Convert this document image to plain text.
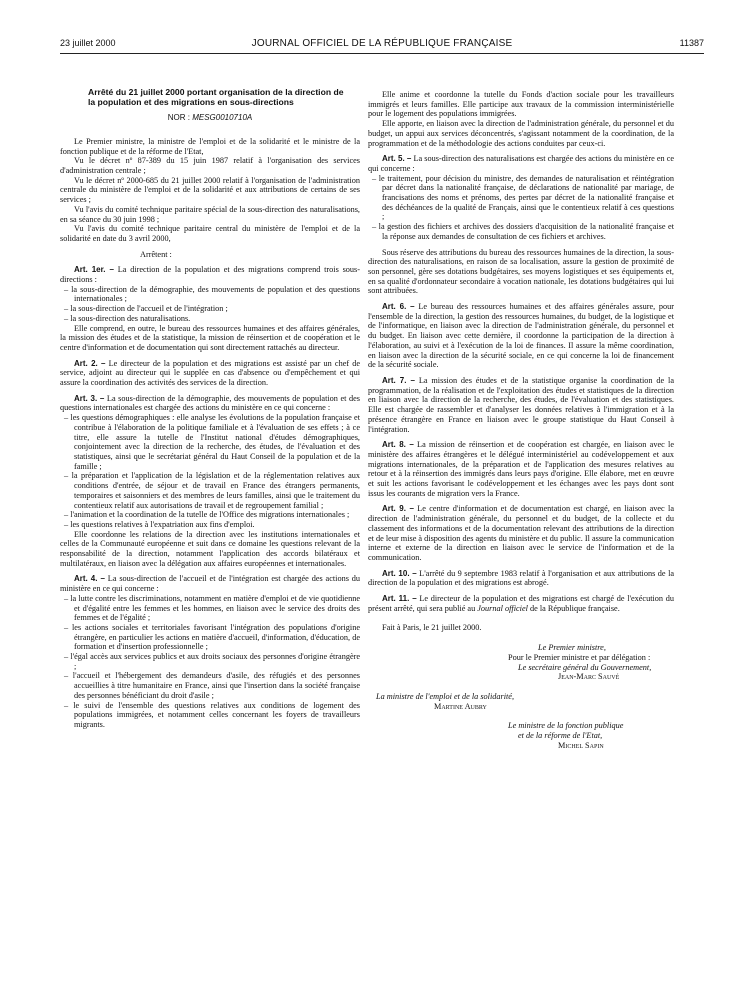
23 juillet 2000	JOURNAL OFFICIEL DE LA RÉPUBLIQUE FRANÇAISE	11387
Arrêté du 21 juillet 2000 portant organisation de la direction de la population et des migrations en sous-directions
NOR : MESG0010710A

Le Premier ministre, la ministre de l'emploi et de la solidarité et le ministre de la fonction publique et de la réforme de l'Etat,

Vu le décret nº 87-389 du 15 juin 1987 relatif à l'organisation des services d'administration centrale ;

Vu le décret nº 2000-685 du 21 juillet 2000 relatif à l'organisation de l'administration centrale du ministère de l'emploi et de la solidarité et aux attributions de certains de ses services ;

Vu l'avis du comité technique paritaire spécial de la sous-direction des naturalisations, en sa séance du 30 juin 1998 ;

Vu l'avis du comité technique paritaire central du ministère de l'emploi et de la solidarité en date du 3 avril 2000,

Arrêtent :

Art. 1er. – La direction de la population et des migrations comprend trois sous-directions :

– la sous-direction de la démographie, des mouvements de population et des questions internationales ;
– la sous-direction de l'accueil et de l'intégration ;
– la sous-direction des naturalisations.

Elle comprend, en outre, le bureau des ressources humaines et des affaires générales, la mission des études et de la statistique, la mission de réinsertion et de coopération et le centre d'information et de documentation qui sont directement rattachés au directeur.

Art. 2. – Le directeur de la population et des migrations est assisté par un chef de service, adjoint au directeur qui le supplée en cas d'absence ou d'empêchement et qui assure la coordination des activités des services de la direction.

Art. 3. – La sous-direction de la démographie, des mouvements de population et des questions internationales est chargée des actions du ministère en ce qui concerne :

– les questions démographiques : elle analyse les évolutions de la population française et contribue à l'élaboration de la politique familiale et à l'évaluation de ses effets ; à ce titre, elle assure la tutelle de l'Institut national d'études démographiques, conjointement avec la direction de la recherche, des études, de l'évaluation et des statistiques, ainsi que le secrétariat général du Haut Conseil de la population et de la famille ;
– la préparation et l'application de la législation et de la réglementation relatives aux conditions d'entrée, de séjour et de travail en France des étrangers permanents, temporaires et saisonniers et des membres de leurs familles, ainsi que le traitement du contentieux relatif aux autorisations de travail et de regroupement familial ;
– l'animation et la coordination de la tutelle de l'Office des migrations internationales ;
– les questions relatives à l'expatriation aux fins d'emploi.

Elle coordonne les relations de la direction avec les institutions internationales et celles de la Communauté européenne et suit dans ce domaine les questions relevant de la responsabilité de la direction, notamment l'application des accords bilatéraux et multilatéraux, en liaison avec la délégation aux affaires européennes et internationales.

Art. 4. – La sous-direction de l'accueil et de l'intégration est chargée des actions du ministère en ce qui concerne :

– la lutte contre les discriminations, notamment en matière d'emploi et de vie quotidienne et d'égalité entre les femmes et les hommes, en liaison avec le service des droits des femmes et de l'égalité ;
– les actions sociales et territoriales favorisant l'intégration des populations d'origine étrangère, en particulier les actions en matière d'accueil, d'information, d'éducation, de formation et d'insertion professionnelle ;
– l'égal accès aux services publics et aux droits sociaux des personnes d'origine étrangère ;
– l'accueil et l'hébergement des demandeurs d'asile, des réfugiés et des personnes accueillies à titre humanitaire en France, ainsi que l'insertion dans la société française des personnes bénéficiant du droit d'asile ;
– le suivi de l'ensemble des questions relatives aux conditions de logement des populations immigrées, et notamment celles concernant les foyers de travailleurs migrants.

Elle anime et coordonne la tutelle du Fonds d'action sociale pour les travailleurs immigrés et leurs familles. Elle participe aux travaux de la commission interministérielle pour le logement des populations immigrées.

Elle apporte, en liaison avec la direction de l'administration générale, du personnel et du budget, un appui aux services déconcentrés, s'agissant notamment de la coordination, de la programmation et de la méthodologie des actions conduites par ceux-ci.

Art. 5. – La sous-direction des naturalisations est chargée des actions du ministère en ce qui concerne :

– le traitement, pour décision du ministre, des demandes de naturalisation et réintégration par décret dans la nationalité française, de déclarations de nationalité par mariage, de francisations des noms et prénoms, des pertes par décret de la nationalité française et des déchéances de la qualité de Français, ainsi que le contentieux relatif à ces questions ;
– la gestion des fichiers et archives des dossiers d'acquisition de la nationalité française et la réponse aux demandes de consultation de ces fichiers et archives.

Sous réserve des attributions du bureau des ressources humaines de la direction, la sous-direction des naturalisations, en raison de sa localisation, assure la gestion de proximité de son personnel, gère ses dotations budgétaires, ses moyens logistiques et ses équipements et, en sa qualité d'ordonnateur secondaire à vocation nationale, les dotations budgétaires qui lui sont attribuées.

Art. 6. – Le bureau des ressources humaines et des affaires générales assure, pour l'ensemble de la direction, la gestion des ressources humaines, du budget, de la logistique et de l'informatique, en liaison avec la direction de l'administration générale, du personnel et du budget. En liaison avec cette dernière, il coordonne la participation de la direction à l'élaboration, au suivi et à l'exécution de la loi de finances. Il assure la même coordination, en liaison avec la direction de la sécurité sociale, en ce qui concerne la loi de financement de la sécurité sociale.

Art. 7. – La mission des études et de la statistique organise la coordination de la programmation, de la réalisation et de l'exploitation des études et statistiques de la direction en liaison avec la direction de la recherche, des études, de l'évaluation et des statistiques. Elle est chargée de rassembler et d'analyser les données relatives à l'immigration et à la présence étrangère en France en liaison avec le groupe statistique du Haut Conseil à l'intégration.

Art. 8. – La mission de réinsertion et de coopération est chargée, en liaison avec le ministère des affaires étrangères et le délégué interministériel au codéveloppement et aux migrations internationales, de la préparation et de l'application des mesures relatives au retour et à la réinsertion des immigrés dans leurs pays d'origine. Elle élabore, met en œuvre et suit les actions favorisant le codéveloppement et les échanges avec les pays dont sont issus les courants de migration vers la France.

Art. 9. – Le centre d'information et de documentation est chargé, en liaison avec la direction de l'administration générale, du personnel et du budget, de la collecte et du classement des informations et de la documentation relevant des attributions de la direction et de leur mise à disposition des agents du ministère et du public. Il assure la communication interne et externe de la direction en liaison avec le service de l'information et de la communication.

Art. 10. – L'arrêté du 9 septembre 1983 relatif à l'organisation et aux attributions de la direction de la population et des migrations est abrogé.

Art. 11. – Le directeur de la population et des migrations est chargé de l'exécution du présent arrêté, qui sera publié au Journal officiel de la République française.

Fait à Paris, le 21 juillet 2000.

Le Premier ministre,

Pour le Premier ministre et par délégation :

Le secrétaire général du Gouvernement,

Jean-Marc Sauvé

La ministre de l'emploi et de la solidarité,

Martine Aubry

Le ministre de la fonction publique

et de la réforme de l'Etat,

Michel Sapin
